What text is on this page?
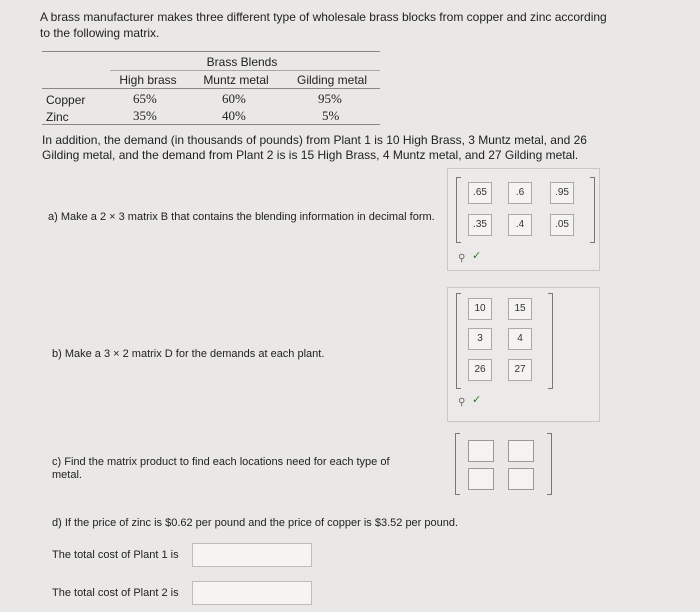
A brass manufacturer makes three different type of wholesale brass blocks from copper and zinc according to the following matrix.
Brass Blends
High brass	Muntz metal	Gilding metal
Copper	65%	60%	95%
Zinc	35%	40%	5%
In addition, the demand (in thousands of pounds) from Plant 1 is 10 High Brass, 3 Muntz metal, and 26 Gilding metal, and the demand from Plant 2 is is 15 High Brass, 4 Muntz metal, and 27 Gilding metal.
a) Make a 2 × 3 matrix B that contains the blending information in decimal form.
.65	.6	.95
.35	.4	.05
⚲ ✓
b) Make a 3 × 2 matrix D for the demands at each plant.
10	15
3	4
26	27
⚲ ✓
c) Find the matrix product to find each locations need for each type of metal.
d) If the price of zinc is $0.62 per pound and the price of copper is $3.52 per pound.
The total cost of Plant 1 is
The total cost of Plant 2 is
